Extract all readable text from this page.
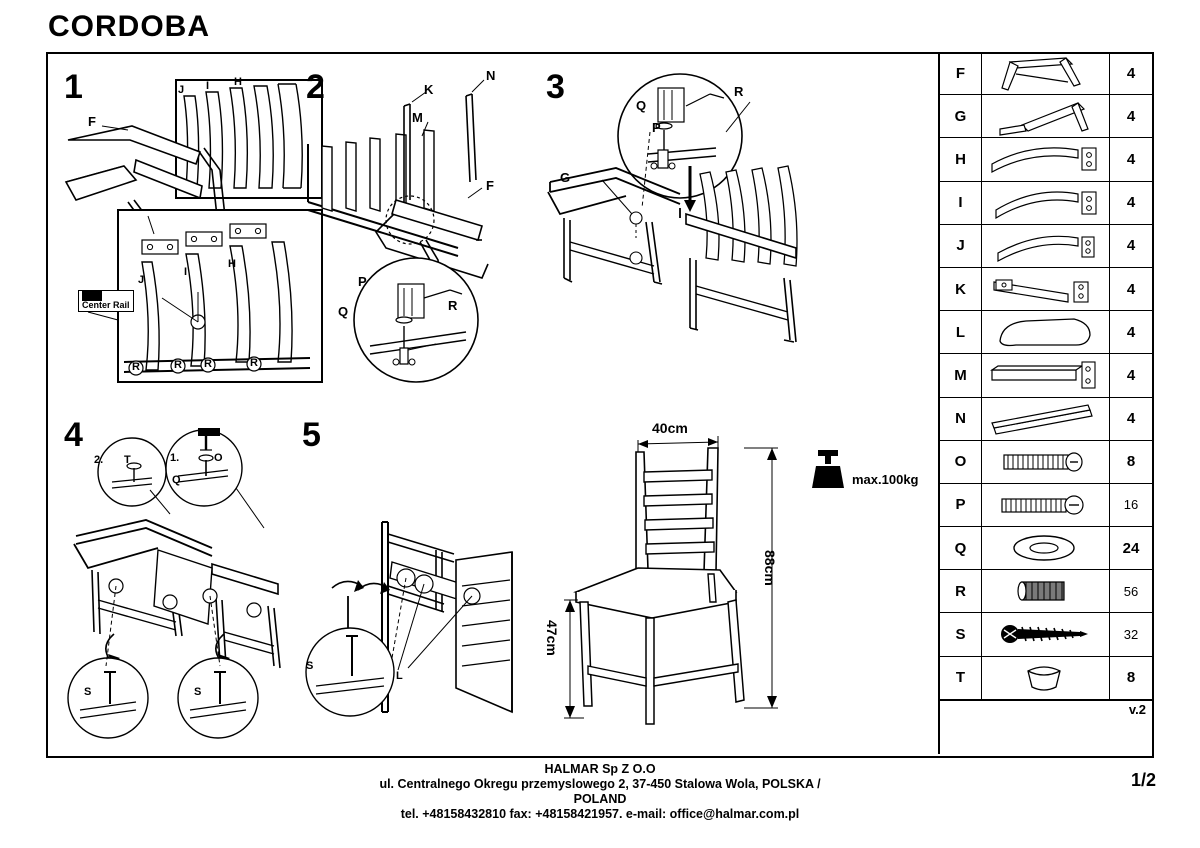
CORDOBA
1
F
J I H
J
I
H
R	R R	R
Rear
Center Rail
2	K
N
M
F
P
Q	R
3
G
Q
P
R
4
2. T	1.	O
Q
S	S
5
S
L
40cm
88cm
47cm
max.100kg
F	4
G	4
H	4
I	4
J	4
K	4
L	4
M	4
N	4
O	8
P	16
Q	24
R	56
S	32
T	8
v.2
HALMAR Sp Z O.O
ul. Centralnego Okregu przemyslowego 2, 37-450 Stalowa Wola, POLSKA /
POLAND
tel. +48158432810 fax: +48158421957. e-mail: office@halmar.com.pl
1/2
